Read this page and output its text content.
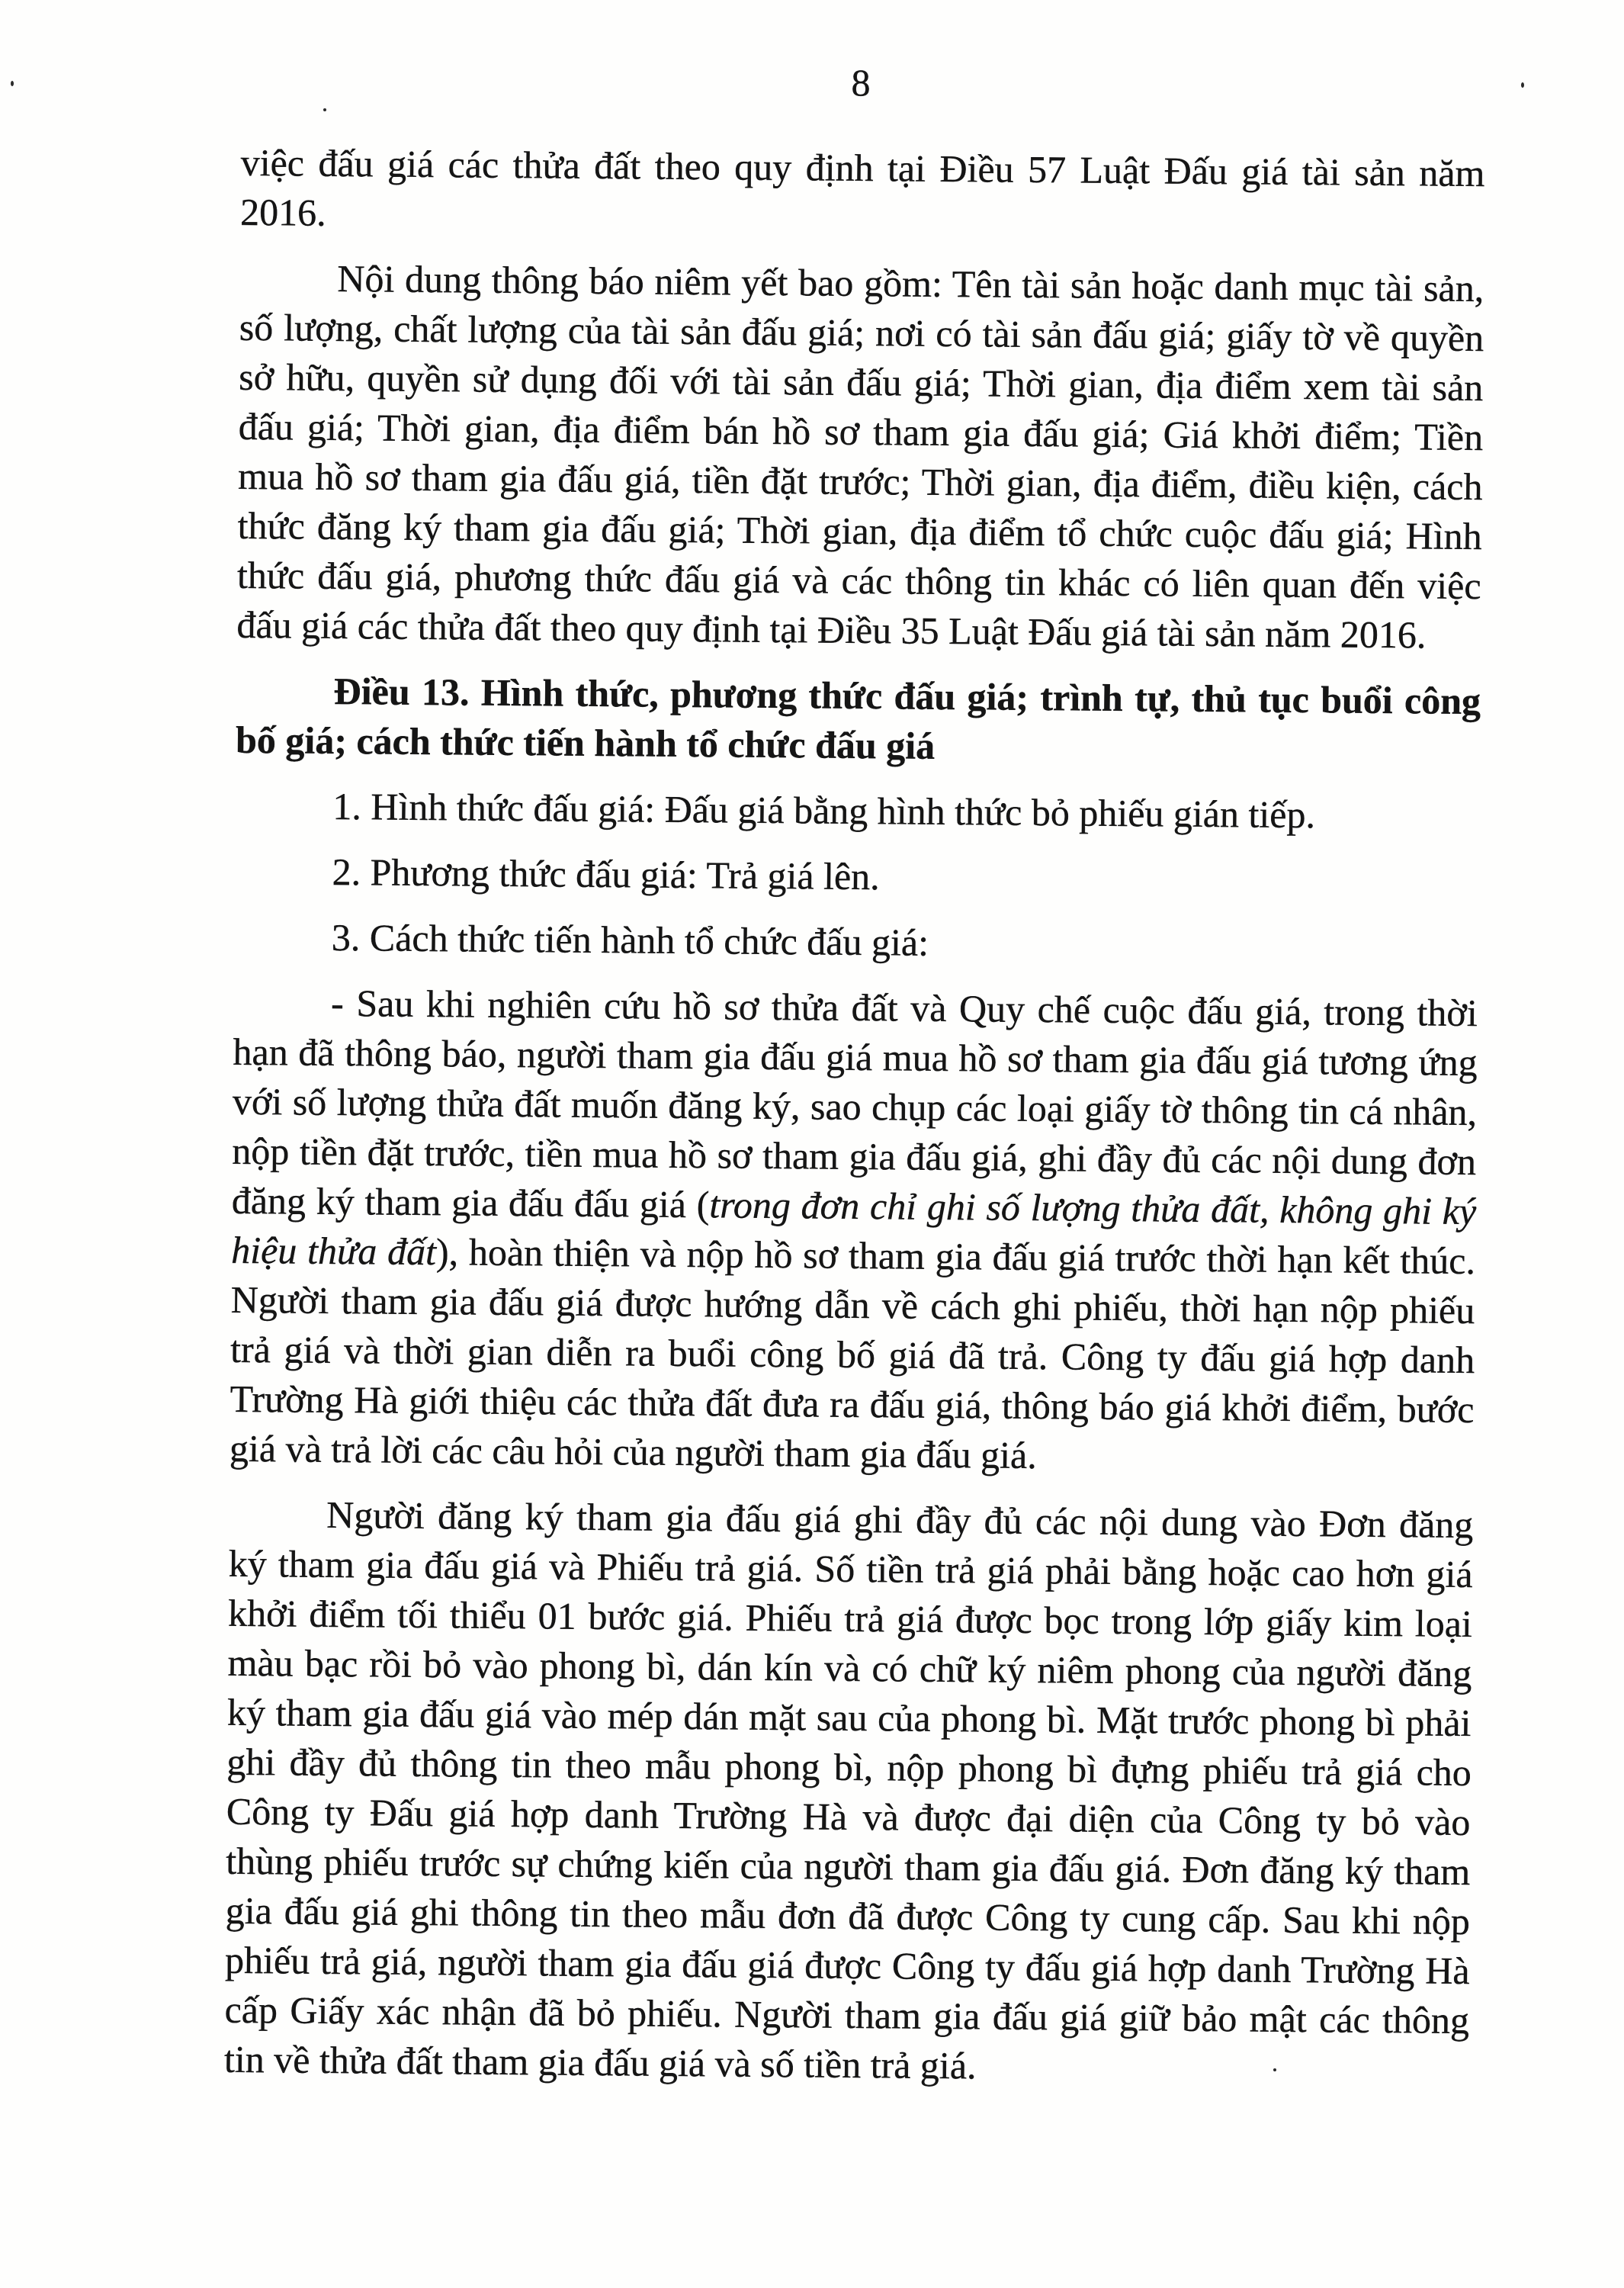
8
việc đấu giá các thửa đất theo quy định tại Điều 57 Luật Đấu giá tài sản năm
2016.
Nội dung thông báo niêm yết bao gồm: Tên tài sản hoặc danh mục tài sản,
số lượng, chất lượng của tài sản đấu giá; nơi có tài sản đấu giá; giấy tờ về quyền
sở hữu, quyền sử dụng đối với tài sản đấu giá; Thời gian, địa điểm xem tài sản
đấu giá; Thời gian, địa điểm bán hồ sơ tham gia đấu giá; Giá khởi điểm; Tiền
mua hồ sơ tham gia đấu giá, tiền đặt trước; Thời gian, địa điểm, điều kiện, cách
thức đăng ký tham gia đấu giá; Thời gian, địa điểm tổ chức cuộc đấu giá; Hình
thức đấu giá, phương thức đấu giá và các thông tin khác có liên quan đến việc
đấu giá các thửa đất theo quy định tại Điều 35 Luật Đấu giá tài sản năm 2016.
Điều 13. Hình thức, phương thức đấu giá; trình tự, thủ tục buổi công
bố giá; cách thức tiến hành tổ chức đấu giá
1. Hình thức đấu giá: Đấu giá bằng hình thức bỏ phiếu gián tiếp.
2. Phương thức đấu giá: Trả giá lên.
3. Cách thức tiến hành tổ chức đấu giá:
- Sau khi nghiên cứu hồ sơ thửa đất và Quy chế cuộc đấu giá, trong thời
hạn đã thông báo, người tham gia đấu giá mua hồ sơ tham gia đấu giá tương ứng
với số lượng thửa đất muốn đăng ký, sao chụp các loại giấy tờ thông tin cá nhân,
nộp tiền đặt trước, tiền mua hồ sơ tham gia đấu giá, ghi đầy đủ các nội dung đơn
đăng ký tham gia đấu đấu giá (trong đơn chỉ ghi số lượng thửa đất, không ghi ký
hiệu thửa đất), hoàn thiện và nộp hồ sơ tham gia đấu giá trước thời hạn kết thúc.
Người tham gia đấu giá được hướng dẫn về cách ghi phiếu, thời hạn nộp phiếu
trả giá và thời gian diễn ra buổi công bố giá đã trả. Công ty đấu giá hợp danh
Trường Hà giới thiệu các thửa đất đưa ra đấu giá, thông báo giá khởi điểm, bước
giá và trả lời các câu hỏi của người tham gia đấu giá.
Người đăng ký tham gia đấu giá ghi đầy đủ các nội dung vào Đơn đăng
ký tham gia đấu giá và Phiếu trả giá. Số tiền trả giá phải bằng hoặc cao hơn giá
khởi điểm tối thiểu 01 bước giá. Phiếu trả giá được bọc trong lớp giấy kim loại
màu bạc rồi bỏ vào phong bì, dán kín và có chữ ký niêm phong của người đăng
ký tham gia đấu giá vào mép dán mặt sau của phong bì. Mặt trước phong bì phải
ghi đầy đủ thông tin theo mẫu phong bì, nộp phong bì đựng phiếu trả giá cho
Công ty Đấu giá hợp danh Trường Hà và được đại diện của Công ty bỏ vào
thùng phiếu trước sự chứng kiến của người tham gia đấu giá. Đơn đăng ký tham
gia đấu giá ghi thông tin theo mẫu đơn đã được Công ty cung cấp. Sau khi nộp
phiếu trả giá, người tham gia đấu giá được Công ty đấu giá hợp danh Trường Hà
cấp Giấy xác nhận đã bỏ phiếu. Người tham gia đấu giá giữ bảo mật các thông
tin về thửa đất tham gia đấu giá và số tiền trả giá.
